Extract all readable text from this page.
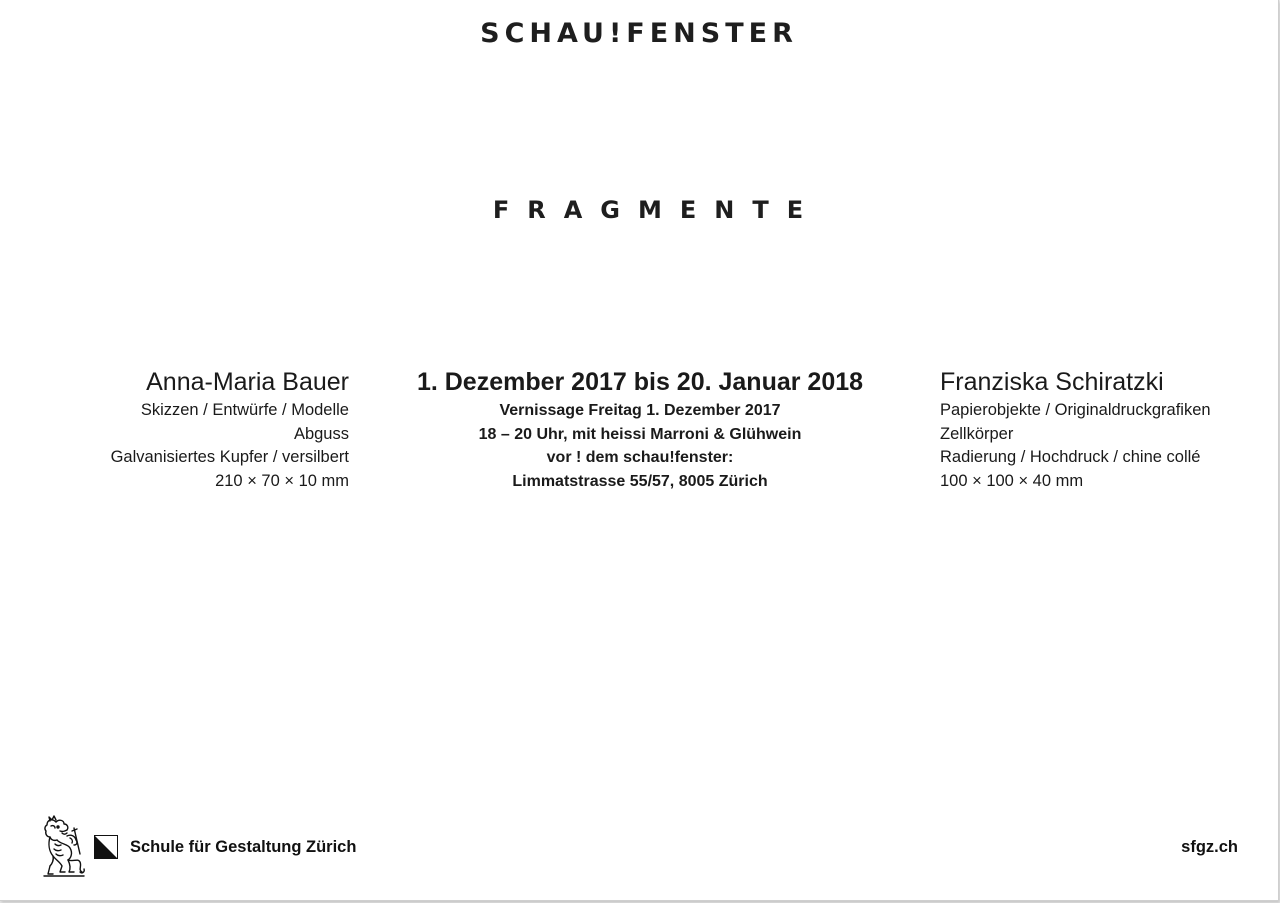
SCHAU!FENSTER
FRAGMENTE
Anna-Maria Bauer
Skizzen / Entwürfe / Modelle
Abguss
Galvanisiertes Kupfer / versilbert
210 × 70 × 10 mm
1. Dezember 2017 bis 20. Januar 2018
Vernissage Freitag 1. Dezember 2017
18 – 20 Uhr, mit heissi Marroni & Glühwein
vor ! dem schau!fenster:
Limmatstrasse 55/57, 8005 Zürich
Franziska Schiratzki
Papierobjekte / Originaldruckgrafiken
Zellkörper
Radierung / Hochdruck / chine collé
100 × 100 × 40 mm
Schule für Gestaltung Zürich	sfgz.ch
